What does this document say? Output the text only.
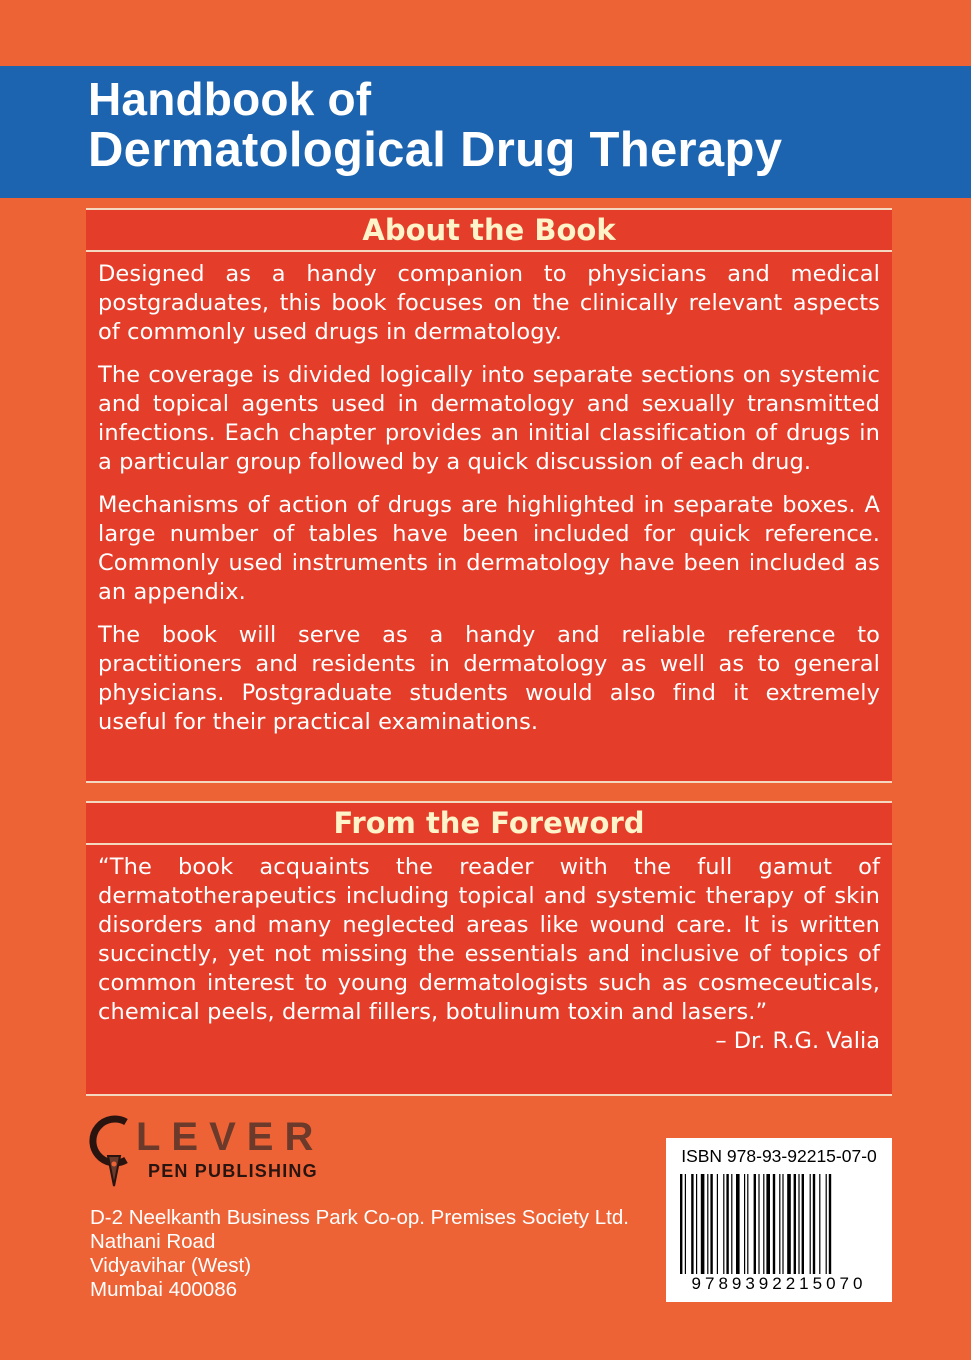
Handbook of
Dermatological Drug Therapy
About the Book

Designed as a handy companion to physicians and medical postgraduates, this book focuses on the clinically relevant aspects of commonly used drugs in dermatology.

The coverage is divided logically into separate sections on systemic and topical agents used in dermatology and sexually transmitted infections. Each chapter provides an initial classification of drugs in a particular group followed by a quick discussion of each drug.

Mechanisms of action of drugs are highlighted in separate boxes. A large number of tables have been included for quick reference. Commonly used instruments in dermatology have been included as an appendix.

The book will serve as a handy and reliable reference to practitioners and residents in dermatology as well as to general physicians. Postgraduate students would also find it extremely useful for their practical examinations.

From the Foreword

“The book acquaints the reader with the full gamut of dermatotherapeutics including topical and systemic therapy of skin disorders and many neglected areas like wound care. It is written succinctly, yet not missing the essentials and inclusive of topics of common interest to young dermatologists such as cosmeceuticals, chemical peels, dermal fillers, botulinum toxin and lasers.”

– Dr. R.G. Valia

LEVER
PEN PUBLISHING
D-2 Neelkanth Business Park Co-op. Premises Society Ltd.
Nathani Road
Vidyavihar (West)
Mumbai 400086
ISBN 978-93-92215-07-0
9789392215070
